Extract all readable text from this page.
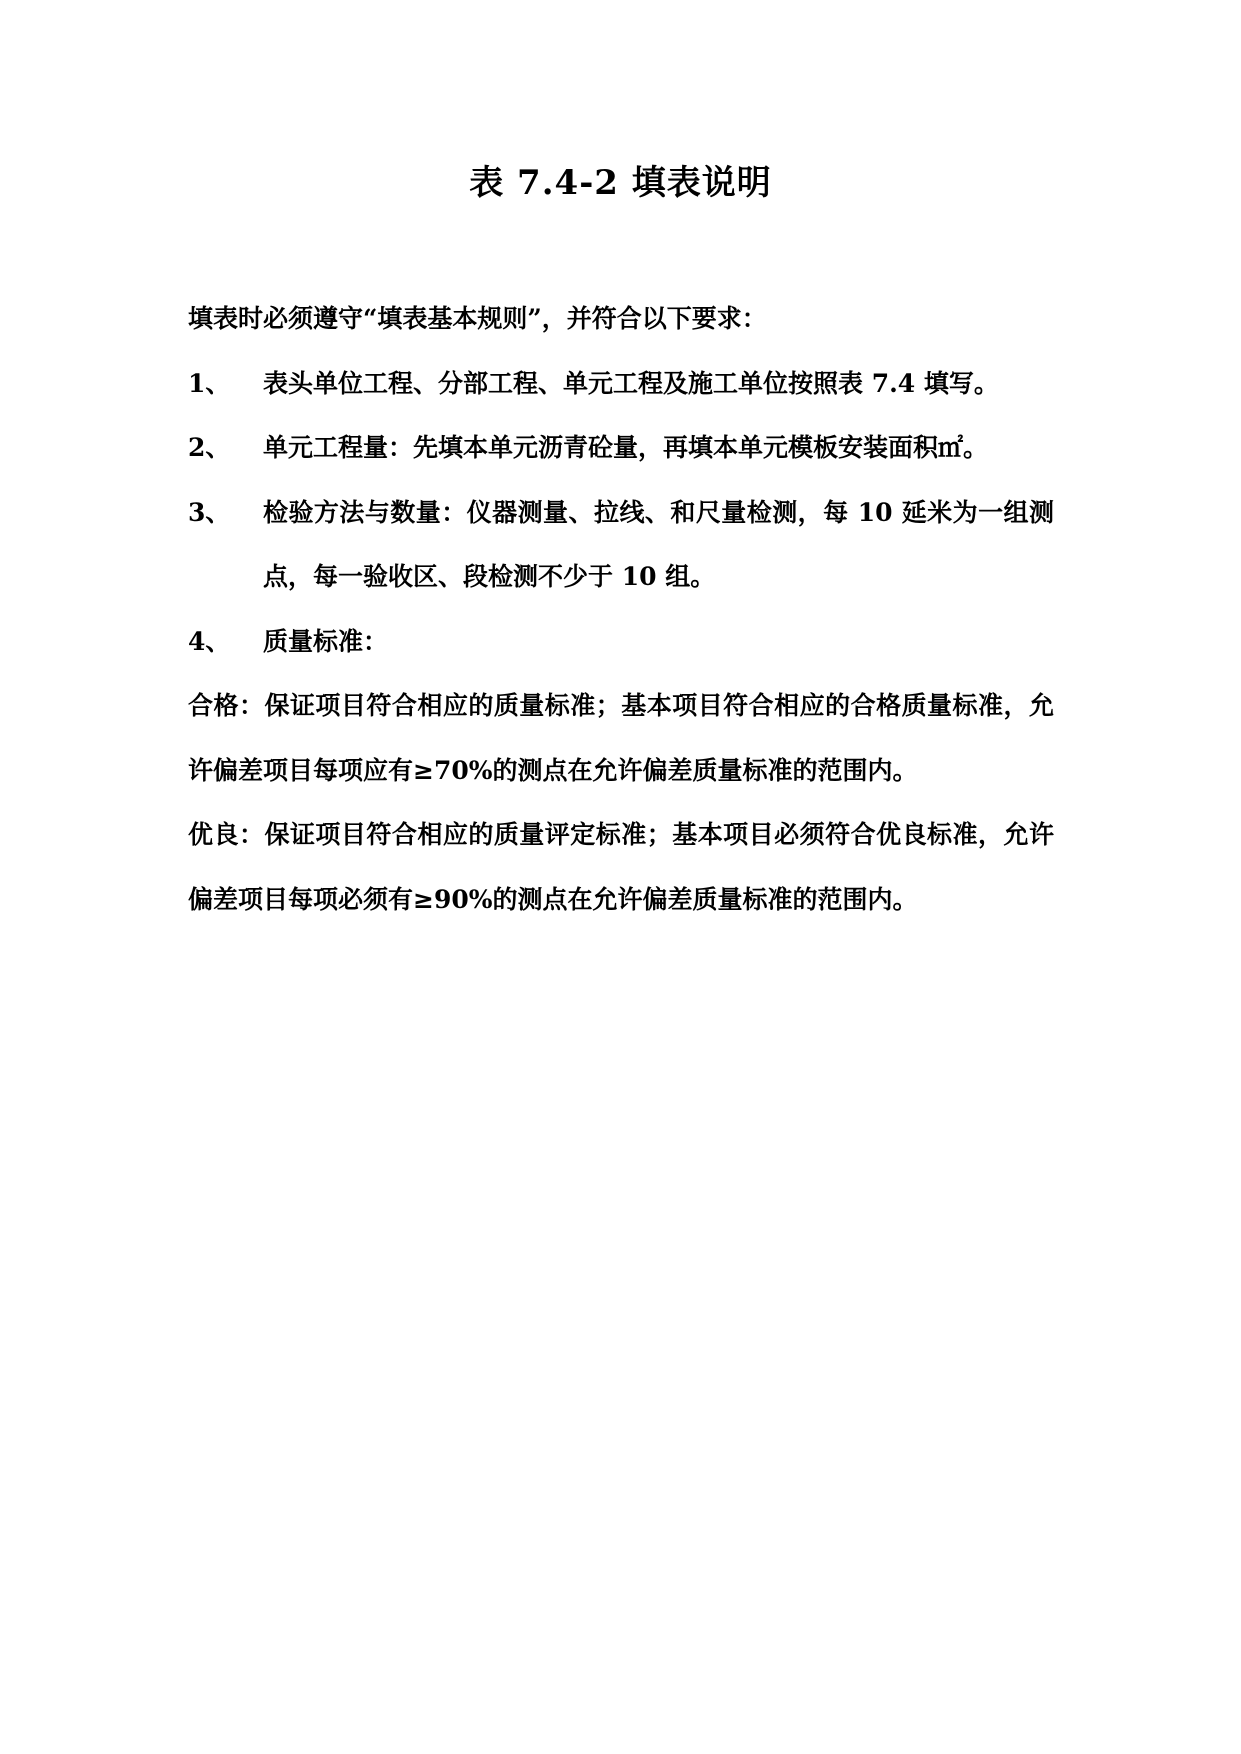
表 7.4-2 填表说明

填表时必须遵守“填表基本规则”，并符合以下要求：

1、	表头单位工程、分部工程、单元工程及施工单位按照表 7.4 填写。
2、	单元工程量：先填本单元沥青砼量，再填本单元模板安装面积㎡。
3、	检验方法与数量：仪器测量、拉线、和尺量检测，每 10 延米为一组测点，每一验收区、段检测不少于 10 组。
4、	质量标准：

合格：保证项目符合相应的质量标准；基本项目符合相应的合格质量标准，允许偏差项目每项应有≥70%的测点在允许偏差质量标准的范围内。

优良：保证项目符合相应的质量评定标准；基本项目必须符合优良标准，允许偏差项目每项必须有≥90%的测点在允许偏差质量标准的范围内。
